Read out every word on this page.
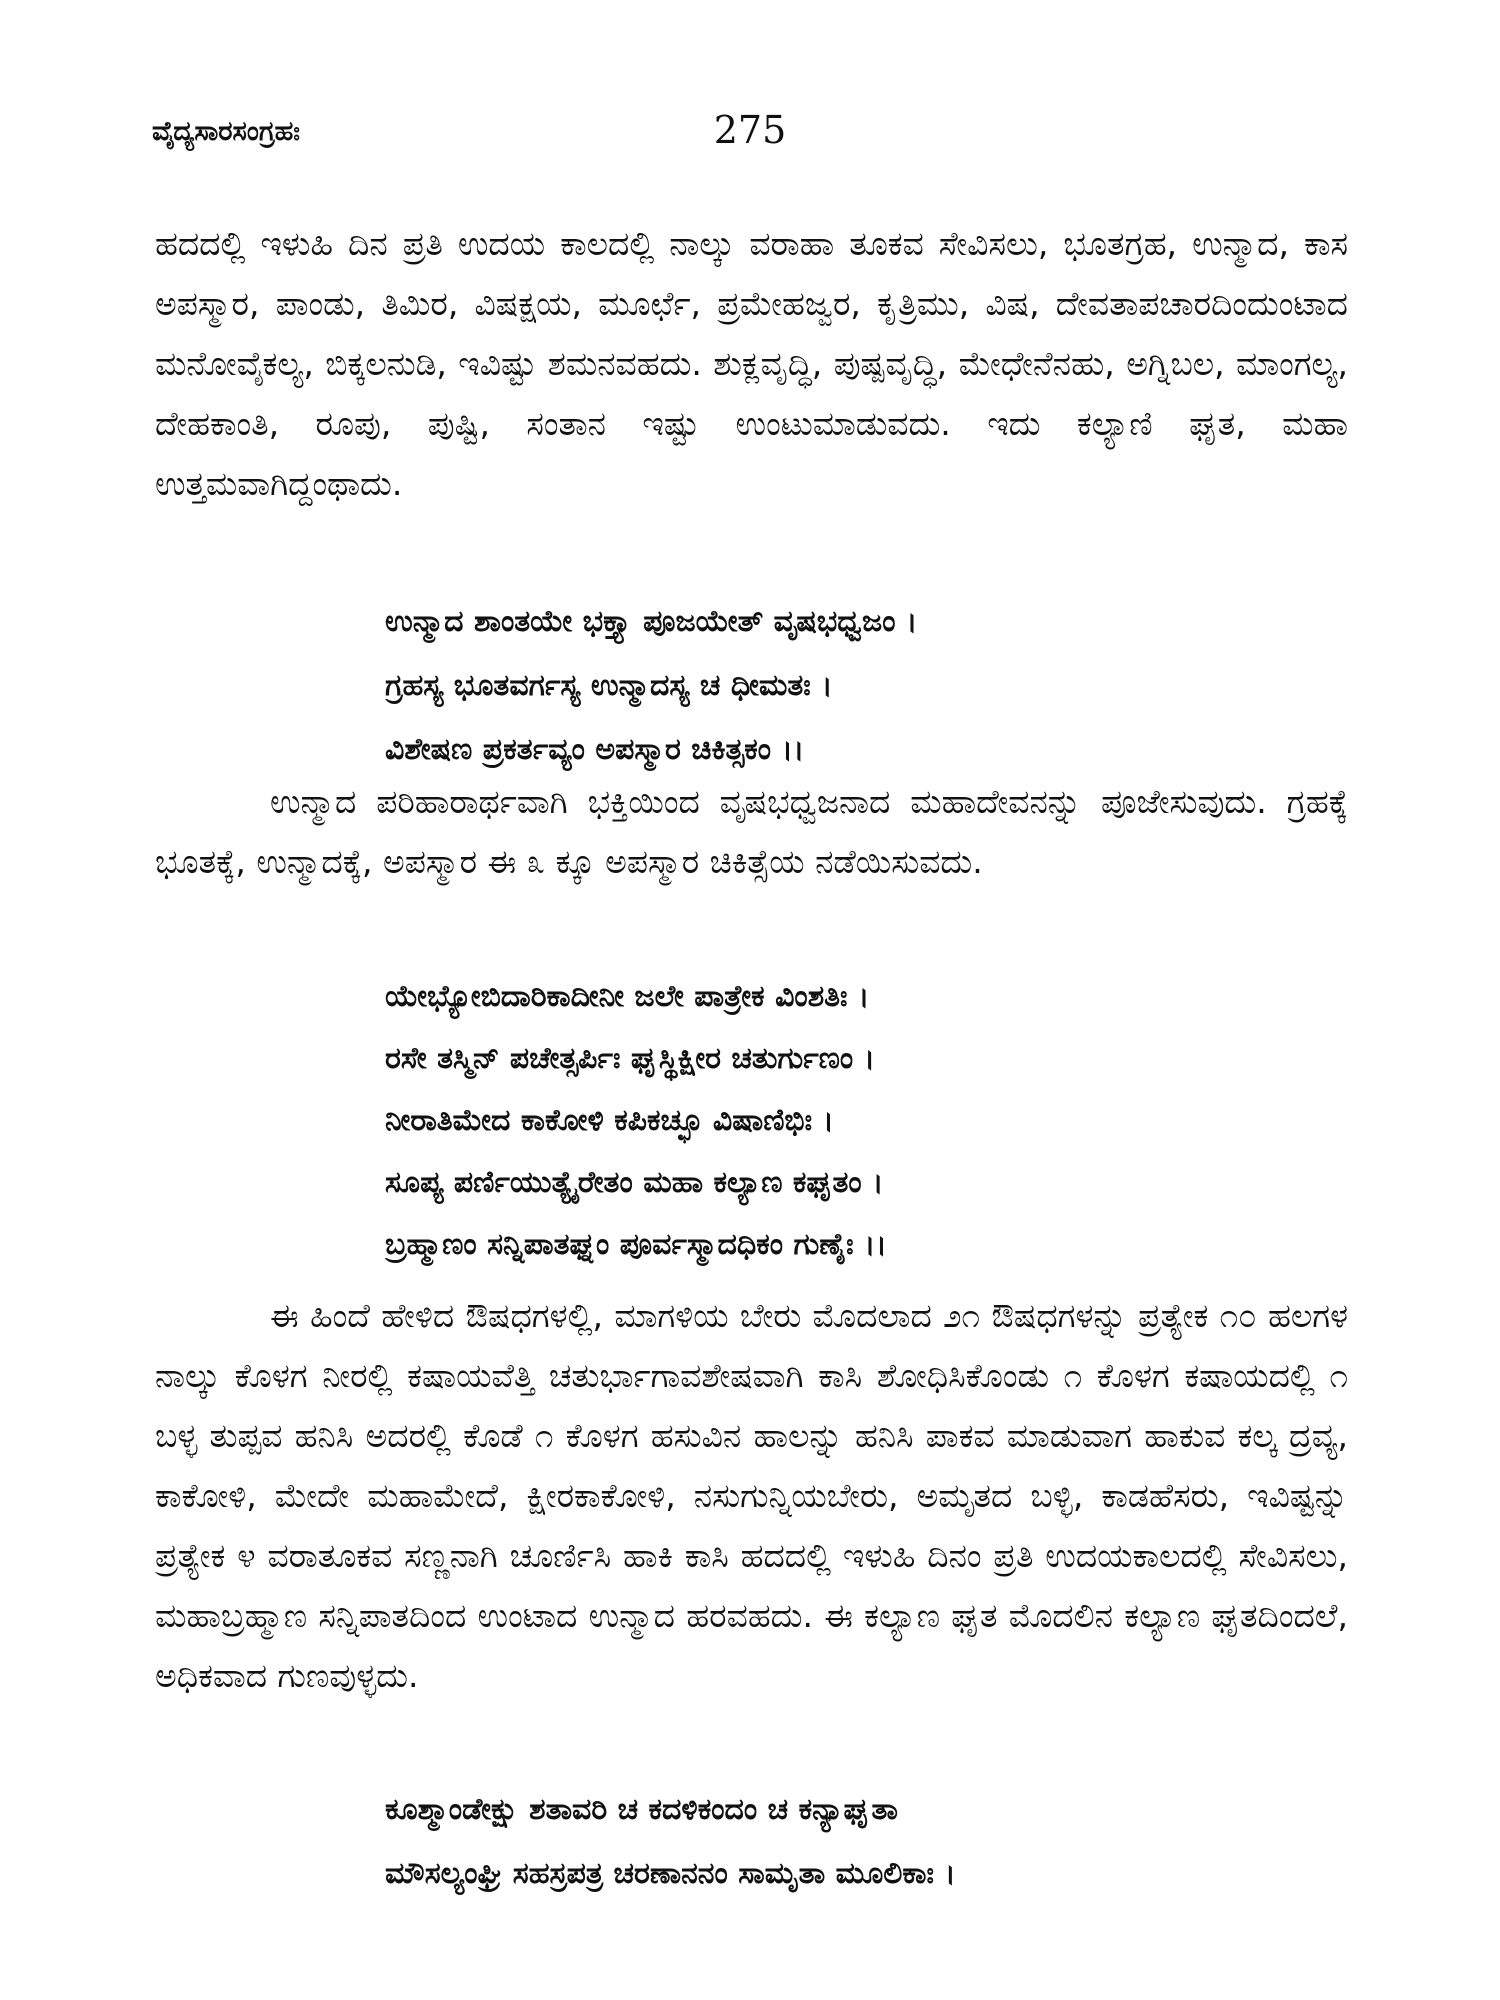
ವೈದ್ಯಸಾರಸಂಗ್ರಹಃ	275

ಹದದಲ್ಲಿ ಇಳುಹಿ ದಿನ ಪ್ರತಿ ಉದಯ ಕಾಲದಲ್ಲಿ ನಾಲ್ಕು ವರಾಹಾ ತೂಕವ ಸೇವಿಸಲು, ಭೂತಗ್ರಹ, ಉನ್ಮಾದ, ಕಾಸ ಅಪಸ್ಮಾರ, ಪಾಂಡು, ತಿಮಿರ, ವಿಷಕ್ಷಯ, ಮೂರ್ಛೆ, ಪ್ರಮೇಹಜ್ವರ, ಕೃತ್ರಿಮು, ವಿಷ, ದೇವತಾಪಚಾರದಿಂದುಂಟಾದ ಮನೋವೈಕಲ್ಯ, ಬಿಕ್ಕಲನುಡಿ, ಇವಿಷ್ಟು ಶಮನವಹದು. ಶುಕ್ಲವೃದ್ಧಿ, ಪುಷ್ಪವೃದ್ಧಿ, ಮೇಧೇನೆನಹು, ಅಗ್ನಿಬಲ, ಮಾಂಗಲ್ಯ, ದೇಹಕಾಂತಿ, ರೂಪು, ಪುಷ್ಟಿ, ಸಂತಾನ ಇಷ್ಟು ಉಂಟುಮಾಡುವದು. ಇದು ಕಲ್ಯಾಣಿ ಘೃತ, ಮಹಾ ಉತ್ತಮವಾಗಿದ್ದಂಥಾದು.

ಉನ್ಮಾದ ಶಾಂತಯೇ ಭಕ್ತ್ಯಾ ಪೂಜಯೇತ್ ವೃಷಭಧ್ವಜಂ ।
ಗ್ರಹಸ್ಯ ಭೂತವರ್ಗಸ್ಯ ಉನ್ಮಾದಸ್ಯ ಚ ಧೀಮತಃ ।
ವಿಶೇಷಣ ಪ್ರಕರ್ತವ್ಯಂ ಅಪಸ್ಮಾರ ಚಿಕಿತ್ಸಕಂ ।।

ಉನ್ಮಾದ ಪರಿಹಾರಾರ್ಥವಾಗಿ ಭಕ್ತಿಯಿಂದ ವೃಷಭಧ್ವಜನಾದ ಮಹಾದೇವನನ್ನು ಪೂಜೇಸುವುದು. ಗ್ರಹಕ್ಕೆ ಭೂತಕ್ಕೆ, ಉನ್ಮಾದಕ್ಕೆ, ಅಪಸ್ಮಾರ ಈ ೩ ಕ್ಕೂ ಅಪಸ್ಮಾರ ಚಿಕಿತ್ಸೆಯ ನಡೆಯಿಸುವದು.

ಯೇಭ್ಯೋಬಿದಾರಿಕಾದೀನೀ ಜಲೇ ಪಾತ್ರೇಕ ವಿಂಶತಿಃ ।
ರಸೇ ತಸ್ಮಿನ್ ಪಚೇತ್ಸರ್ಪಿಃ ಘೃಸ್ಥಿಕ್ಷೀರ ಚತುರ್ಗುಣಂ ।
ನೀರಾತಿಮೇದ ಕಾಕೋಳಿ ಕಪಿಕಚ್ಛೂ ವಿಷಾಣಿಭಿಃ ।
ಸೂಪ್ಯ ಪರ್ಣಿಯುತ್ಯೈರೇತಂ ಮಹಾ ಕಲ್ಯಾಣ ಕಘೃತಂ ।
ಬ್ರಹ್ಮಾಣಂ ಸನ್ನಿಪಾತಘ್ನಂ ಪೂರ್ವಸ್ಮಾದಧಿಕಂ ಗುಣೈಃ ।।

ಈ ಹಿಂದೆ ಹೇಳಿದ ಔಷಧಗಳಲ್ಲಿ, ಮಾಗಳಿಯ ಬೇರು ಮೊದಲಾದ ೨೧ ಔಷಧಗಳನ್ನು ಪ್ರತ್ಯೇಕ ೧೦ ಹಲಗಳ ನಾಲ್ಕು ಕೊಳಗ ನೀರಲ್ಲಿ ಕಷಾಯವೆತ್ತಿ ಚತುರ್ಭಾಗಾವಶೇಷವಾಗಿ ಕಾಸಿ ಶೋಧಿಸಿಕೊಂಡು ೧ ಕೊಳಗ ಕಷಾಯದಲ್ಲಿ ೧ ಬಳ್ಳ ತುಪ್ಪವ ಹನಿಸಿ ಅದರಲ್ಲಿ ಕೊಡೆ ೧ ಕೊಳಗ ಹಸುವಿನ ಹಾಲನ್ನು ಹನಿಸಿ ಪಾಕವ ಮಾಡುವಾಗ ಹಾಕುವ ಕಲ್ಕ ದ್ರವ್ಯ, ಕಾಕೋಳಿ, ಮೇದೇ ಮಹಾಮೇದೆ, ಕ್ಷೀರಕಾಕೋಳಿ, ನಸುಗುನ್ನಿಯಬೇರು, ಅಮೃತದ ಬಳ್ಳಿ, ಕಾಡಹೆಸರು, ಇವಿಷ್ಟನ್ನು ಪ್ರತ್ಯೇಕ ೪ ವರಾತೂಕವ ಸಣ್ಣನಾಗಿ ಚೂರ್ಣಿಸಿ ಹಾಕಿ ಕಾಸಿ ಹದದಲ್ಲಿ ಇಳುಹಿ ದಿನಂ ಪ್ರತಿ ಉದಯಕಾಲದಲ್ಲಿ ಸೇವಿಸಲು, ಮಹಾಬ್ರಹ್ಮಾಣ ಸನ್ನಿಪಾತದಿಂದ ಉಂಟಾದ ಉನ್ಮಾದ ಹರವಹದು. ಈ ಕಲ್ಯಾಣ ಘೃತ ಮೊದಲಿನ ಕಲ್ಯಾಣ ಘೃತದಿಂದಲೆ, ಅಧಿಕವಾದ ಗುಣವುಳ್ಳದು.

ಕೂಶ್ಮಾಂಡೇಕ್ಷು ಶತಾವರಿ ಚ ಕದಳಿಕಂದಂ ಚ ಕನ್ಯಾಘೃತಾ
ಮೌಸಲ್ಯಂಘ್ರಿ ಸಹಸ್ರಪತ್ರ ಚರಣಾನನಂ ಸಾಮೃತಾ ಮೂಲಿಕಾಃ ।
